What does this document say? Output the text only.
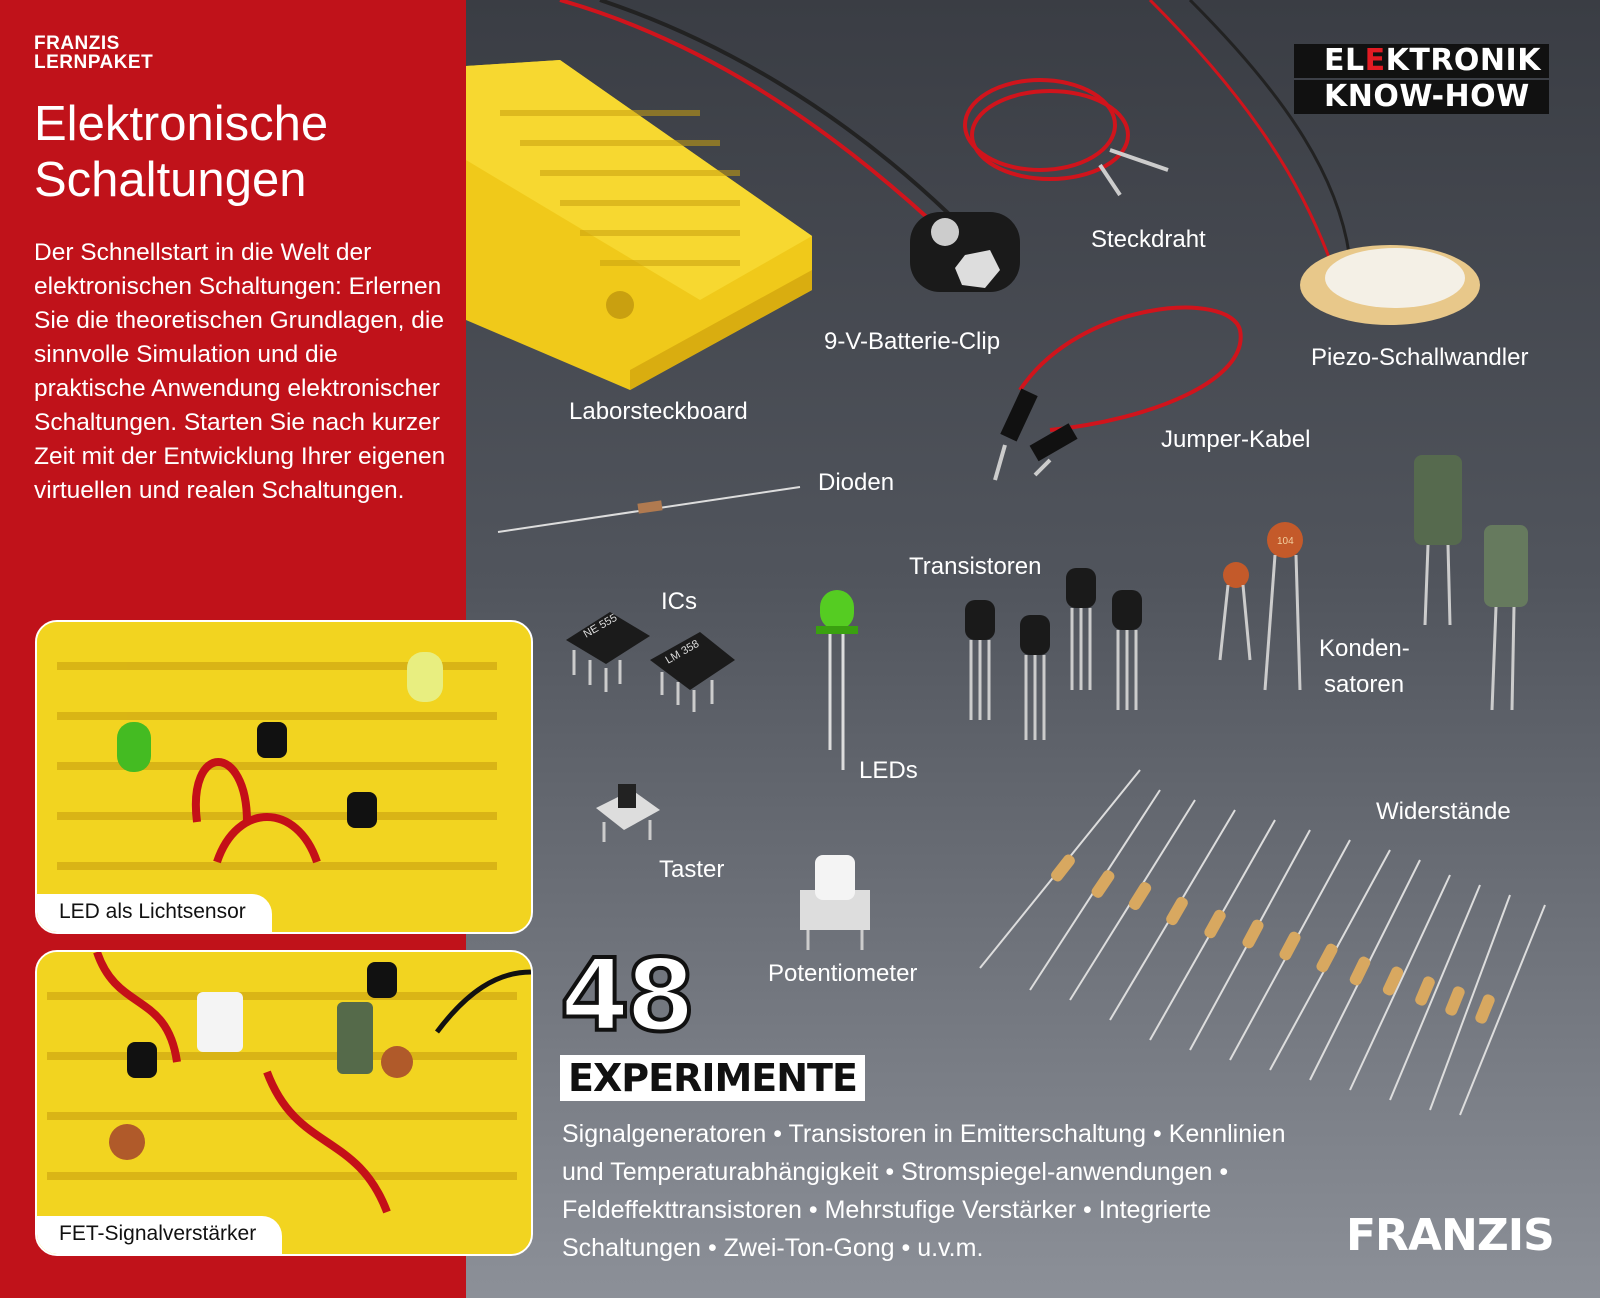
NE 555
LM 358
104
FRANZIS
LERNPAKET
Elektronische
Schaltungen
Der Schnellstart in die Welt der elektronischen Schaltungen: Erlernen Sie die theoretischen Grundlagen, die sinnvolle Simulation und die praktische Anwendung elektronischer Schaltungen. Starten Sie nach kurzer Zeit mit der Entwicklung Ihrer eigenen virtuellen und realen Schaltungen.
LED als Lichtsensor
FET-Signalverstärker
ELEKTRONIK
KNOW-HOW
Steckdraht
9-V-Batterie-Clip
Piezo-Schallwandler
Laborsteckboard
Jumper-Kabel
Dioden
Transistoren
ICs
Konden-
satoren
LEDs
Widerstände
Taster
Potentiometer
48
EXPERIMENTE
Signalgeneratoren • Transistoren in Emitterschaltung • Kennlinien und Temperaturabhängigkeit • Stromspiegel-anwendungen • Feldeffekttransistoren • Mehrstufige Verstärker • Integrierte Schaltungen • Zwei-Ton-Gong • u.v.m.	FRANZIS
